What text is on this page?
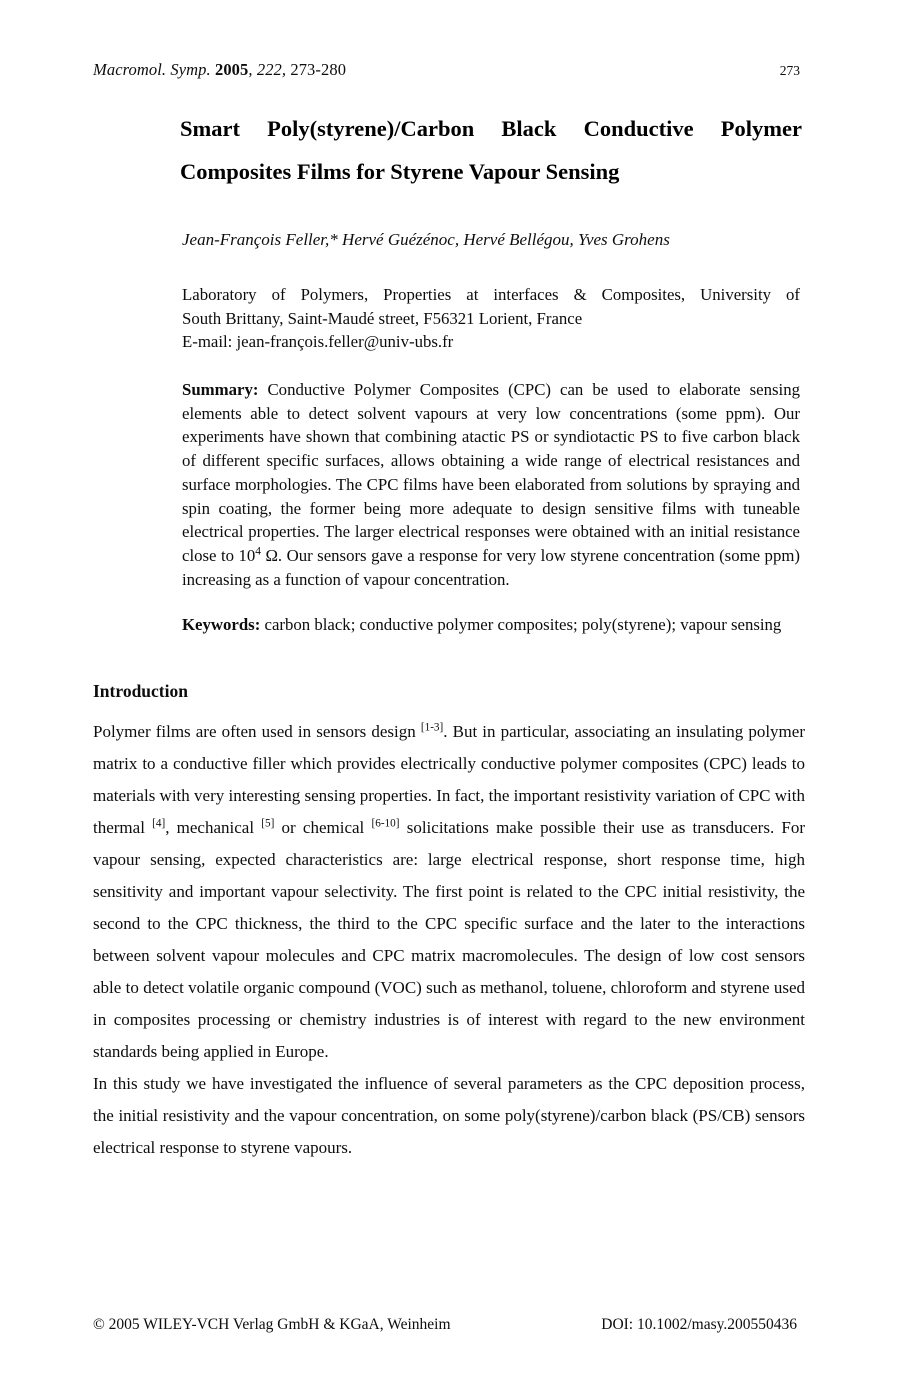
Macromol. Symp. 2005, 222, 273-280	273
Smart Poly(styrene)/Carbon Black Conductive Polymer
Composites Films for Styrene Vapour Sensing
Jean-François Feller,* Hervé Guézénoc, Hervé Bellégou, Yves Grohens
Laboratory of Polymers, Properties at interfaces & Composites, University of
South Brittany, Saint-Maudé street, F56321 Lorient, France
E-mail: jean-françois.feller@univ-ubs.fr
Summary: Conductive Polymer Composites (CPC) can be used to elaborate sensing elements able to detect solvent vapours at very low concentrations (some ppm). Our experiments have shown that combining atactic PS or syndiotactic PS to five carbon black of different specific surfaces, allows obtaining a wide range of electrical resistances and surface morphologies. The CPC films have been elaborated from solutions by spraying and spin coating, the former being more adequate to design sensitive films with tuneable electrical properties. The larger electrical responses were obtained with an initial resistance close to $10^4$ Ω. Our sensors gave a response for very low styrene concentration (some ppm) increasing as a function of vapour concentration.
Keywords: carbon black; conductive polymer composites; poly(styrene); vapour sensing
Introduction

Polymer films are often used in sensors design [1-3]. But in particular, associating an insulating polymer matrix to a conductive filler which provides electrically conductive polymer composites (CPC) leads to materials with very interesting sensing properties. In fact, the important resistivity variation of CPC with thermal [4], mechanical [5] or chemical [6-10] solicitations make possible their use as transducers. For vapour sensing, expected characteristics are: large electrical response, short response time, high sensitivity and important vapour selectivity. The first point is related to the CPC initial resistivity, the second to the CPC thickness, the third to the CPC specific surface and the later to the interactions between solvent vapour molecules and CPC matrix macromolecules. The design of low cost sensors able to detect volatile organic compound (VOC) such as methanol, toluene, chloroform and styrene used in composites processing or chemistry industries is of interest with regard to the new environment standards being applied in Europe.

In this study we have investigated the influence of several parameters as the CPC deposition process, the initial resistivity and the vapour concentration, on some poly(styrene)/carbon black (PS/CB) sensors electrical response to styrene vapours.

© 2005 WILEY-VCH Verlag GmbH & KGaA, Weinheim	DOI: 10.1002/masy.200550436
